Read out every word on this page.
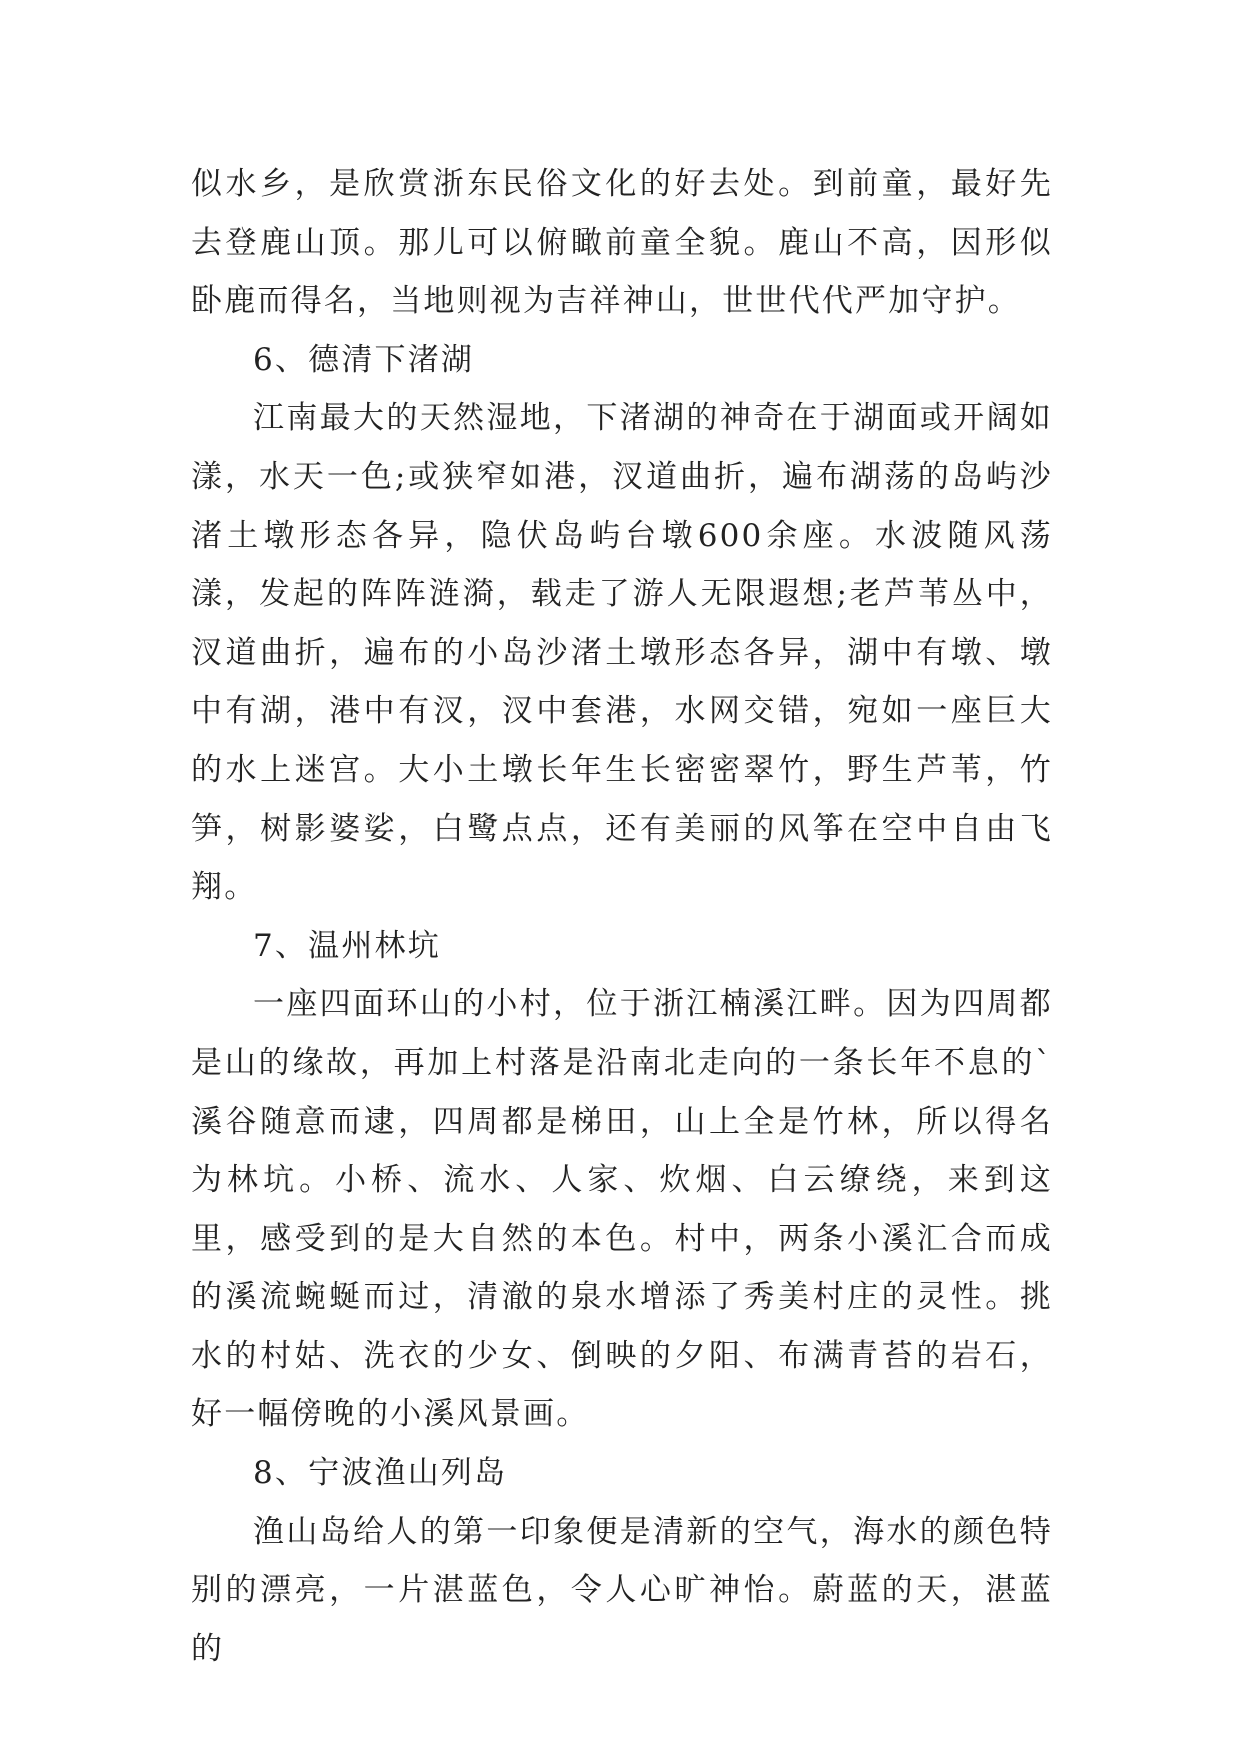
似水乡，是欣赏浙东民俗文化的好去处。到前童，最好先去登鹿山顶。那儿可以俯瞰前童全貌。鹿山不高，因形似卧鹿而得名，当地则视为吉祥神山，世世代代严加守护。

6、德清下渚湖

江南最大的天然湿地，下渚湖的神奇在于湖面或开阔如漾，水天一色;或狭窄如港，汊道曲折，遍布湖荡的岛屿沙渚土墩形态各异，隐伏岛屿台墩600余座。水波随风荡漾，发起的阵阵涟漪，载走了游人无限遐想;老芦苇丛中，汊道曲折，遍布的小岛沙渚土墩形态各异，湖中有墩、墩中有湖，港中有汊，汊中套港，水网交错，宛如一座巨大的水上迷宫。大小土墩长年生长密密翠竹，野生芦苇，竹笋，树影婆娑，白鹭点点，还有美丽的风筝在空中自由飞翔。

7、温州林坑

一座四面环山的小村，位于浙江楠溪江畔。因为四周都是山的缘故，再加上村落是沿南北走向的一条长年不息的`溪谷随意而逮，四周都是梯田，山上全是竹林，所以得名为林坑。小桥、流水、人家、炊烟、白云缭绕，来到这里，感受到的是大自然的本色。村中，两条小溪汇合而成的溪流蜿蜒而过，清澈的泉水增添了秀美村庄的灵性。挑水的村姑、洗衣的少女、倒映的夕阳、布满青苔的岩石，好一幅傍晚的小溪风景画。

8、宁波渔山列岛

渔山岛给人的第一印象便是清新的空气，海水的颜色特别的漂亮，一片湛蓝色，令人心旷神怡。蔚蓝的天，湛蓝的
